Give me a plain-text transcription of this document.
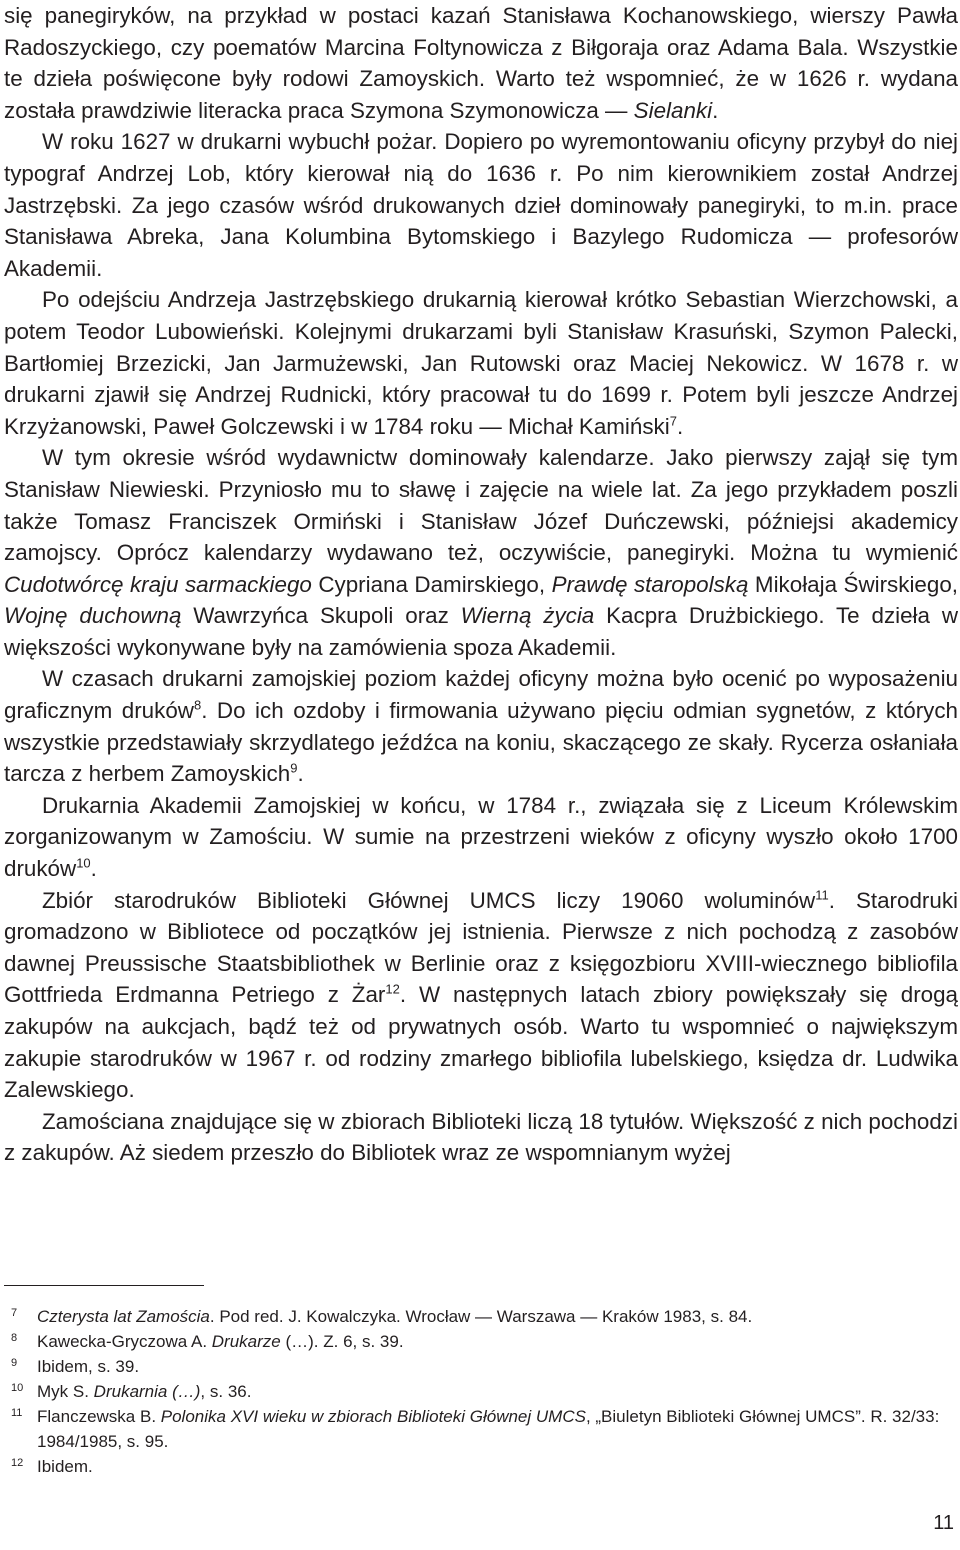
się panegiryków, na przykład w postaci kazań Stanisława Kochanowskiego, wierszy Pawła Radoszyckiego, czy poematów Marcina Foltynowicza z Biłgoraja oraz Adama Bala. Wszystkie te dzieła poświęcone były rodowi Zamoyskich. Warto też wspomnieć, że w 1626 r. wydana została prawdziwie literacka praca Szymona Szymonowicza — Sielanki.

W roku 1627 w drukarni wybuchł pożar. Dopiero po wyremontowaniu oficyny przybył do niej typograf Andrzej Lob, który kierował nią do 1636 r. Po nim kierownikiem został Andrzej Jastrzębski. Za jego czasów wśród drukowanych dzieł dominowały panegiryki, to m.in. prace Stanisława Abreka, Jana Kolumbina Bytomskiego i Bazylego Rudomicza — profesorów Akademii.

Po odejściu Andrzeja Jastrzębskiego drukarnią kierował krótko Sebastian Wierzchowski, a potem Teodor Lubowieński. Kolejnymi drukarzami byli Stanisław Krasuński, Szymon Palecki, Bartłomiej Brzezicki, Jan Jarmużewski, Jan Rutowski oraz Maciej Nekowicz. W 1678 r. w drukarni zjawił się Andrzej Rudnicki, który pracował tu do 1699 r. Potem byli jeszcze Andrzej Krzyżanowski, Paweł Golczewski i w 1784 roku — Michał Kamiński$^7$.

W tym okresie wśród wydawnictw dominowały kalendarze. Jako pierwszy zajął się tym Stanisław Niewieski. Przyniosło mu to sławę i zajęcie na wiele lat. Za jego przykładem poszli także Tomasz Franciszek Ormiński i Stanisław Józef Duńczewski, późniejsi akademicy zamojscy. Oprócz kalendarzy wydawano też, oczywiście, panegiryki. Można tu wymienić Cudotwórcę kraju sarmackiego Cypriana Damirskiego, Prawdę staropolską Mikołaja Świrskiego, Wojnę duchowną Wawrzyńca Skupoli oraz Wierną życia Kacpra Drużbickiego. Te dzieła w większości wykonywane były na zamówienia spoza Akademii.

W czasach drukarni zamojskiej poziom każdej oficyny można było ocenić po wyposażeniu graficznym druków$^8$. Do ich ozdoby i firmowania używano pięciu odmian sygnetów, z których wszystkie przedstawiały skrzydlatego jeźdźca na koniu, skaczącego ze skały. Rycerza osłaniała tarcza z herbem Zamoyskich$^9$.

Drukarnia Akademii Zamojskiej w końcu, w 1784 r., związała się z Liceum Królewskim zorganizowanym w Zamościu. W sumie na przestrzeni wieków z oficyny wyszło około 1700 druków$^{10}$.

Zbiór starodruków Biblioteki Głównej UMCS liczy 19060 woluminów$^{11}$. Starodruki gromadzono w Bibliotece od początków jej istnienia. Pierwsze z nich pochodzą z zasobów dawnej Preussische Staatsbibliothek w Berlinie oraz z księgozbioru XVIII-wiecznego bibliofila Gottfrieda Erdmanna Petriego z Żar$^{12}$. W następnych latach zbiory powiększały się drogą zakupów na aukcjach, bądź też od prywatnych osób. Warto tu wspomnieć o największym zakupie starodruków w 1967 r. od rodziny zmarłego bibliofila lubelskiego, księdza dr. Ludwika Zalewskiego.

Zamościana znajdujące się w zbiorach Biblioteki liczą 18 tytułów. Większość z nich pochodzi z zakupów. Aż siedem przeszło do Bibliotek wraz ze wspomnianym wyżej

7	Czterysta lat Zamościa. Pod red. J. Kowalczyka. Wrocław — Warszawa — Kraków 1983, s. 84.
8	Kawecka-Gryczowa A. Drukarze (…). Z. 6, s. 39.
9	Ibidem, s. 39.
10 Myk S. Drukarnia (…), s. 36.
11 Flanczewska B. Polonika XVI wieku w zbiorach Biblioteki Głównej UMCS, „Biuletyn Biblioteki Głównej UMCS”. R. 32/33: 1984/1985, s. 95.
12 Ibidem.
11
